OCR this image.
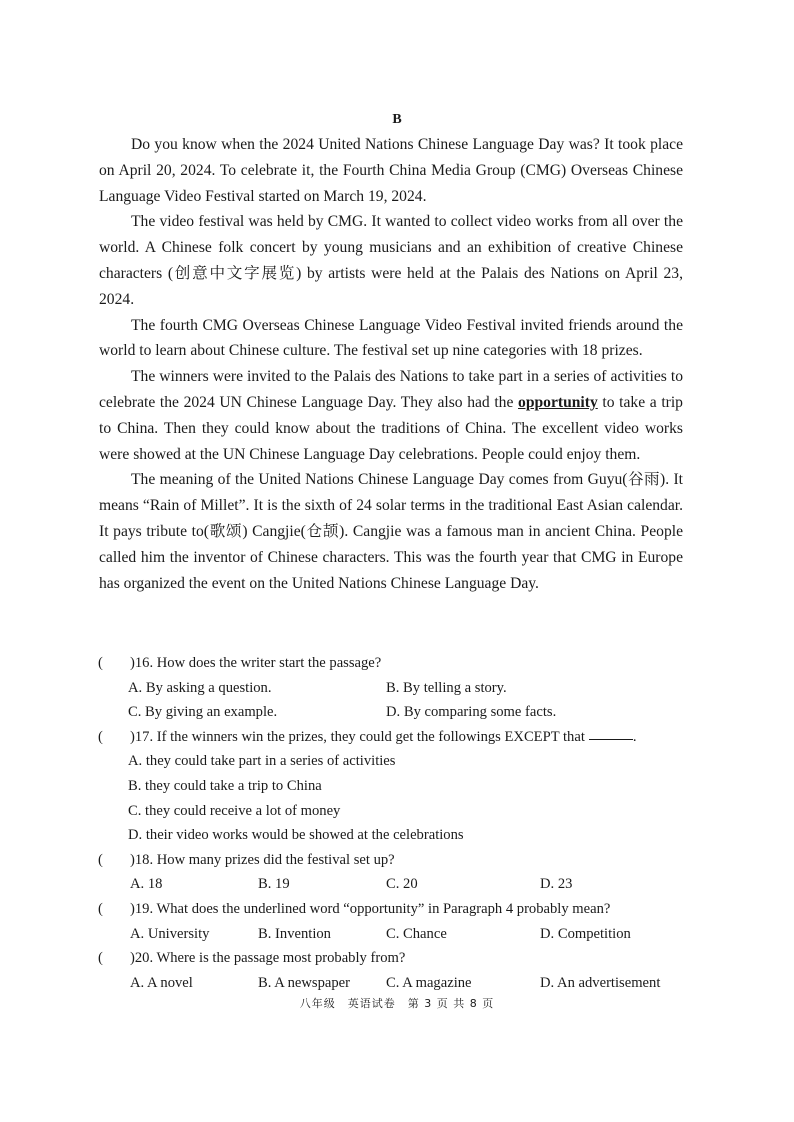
B

Do you know when the 2024 United Nations Chinese Language Day was? It took place on April 20, 2024. To celebrate it, the Fourth China Media Group (CMG) Overseas Chinese Language Video Festival started on March 19, 2024.

The video festival was held by CMG. It wanted to collect video works from all over the world. A Chinese folk concert by young musicians and an exhibition of creative Chinese characters (创意中文字展览) by artists were held at the Palais des Nations on April 23, 2024.

The fourth CMG Overseas Chinese Language Video Festival invited friends around the world to learn about Chinese culture. The festival set up nine categories with 18 prizes.

The winners were invited to the Palais des Nations to take part in a series of activities to celebrate the 2024 UN Chinese Language Day. They also had the opportunity to take a trip to China. Then they could know about the traditions of China. The excellent video works were showed at the UN Chinese Language Day celebrations. People could enjoy them.

The meaning of the United Nations Chinese Language Day comes from Guyu(谷雨). It means “Rain of Millet”. It is the sixth of 24 solar terms in the traditional East Asian calendar. It pays tribute to(歌颂) Cangjie(仓颉). Cangjie was a famous man in ancient China. People called him the inventor of Chinese characters. This was the fourth year that CMG in Europe has organized the event on the United Nations Chinese Language Day.

(	)16. How does the writer start the passage?
A. By asking a question.	B. By telling a story.
C. By giving an example.	D. By comparing some facts.
(	)17. If the winners win the prizes, they could get the followings EXCEPT that	.
A. they could take part in a series of activities
B. they could take a trip to China
C. they could receive a lot of money
D. their video works would be showed at the celebrations
(	)18. How many prizes did the festival set up?
A. 18	B. 19	C. 20	D. 23
(	)19. What does the underlined word “opportunity” in Paragraph 4 probably mean?
A. University	B. Invention	C. Chance	D. Competition
(	)20. Where is the passage most probably from?
A. A novel	B. A newspaper	C. A magazine	D. An advertisement
八年级　英语试卷　第 3 页 共 8 页
